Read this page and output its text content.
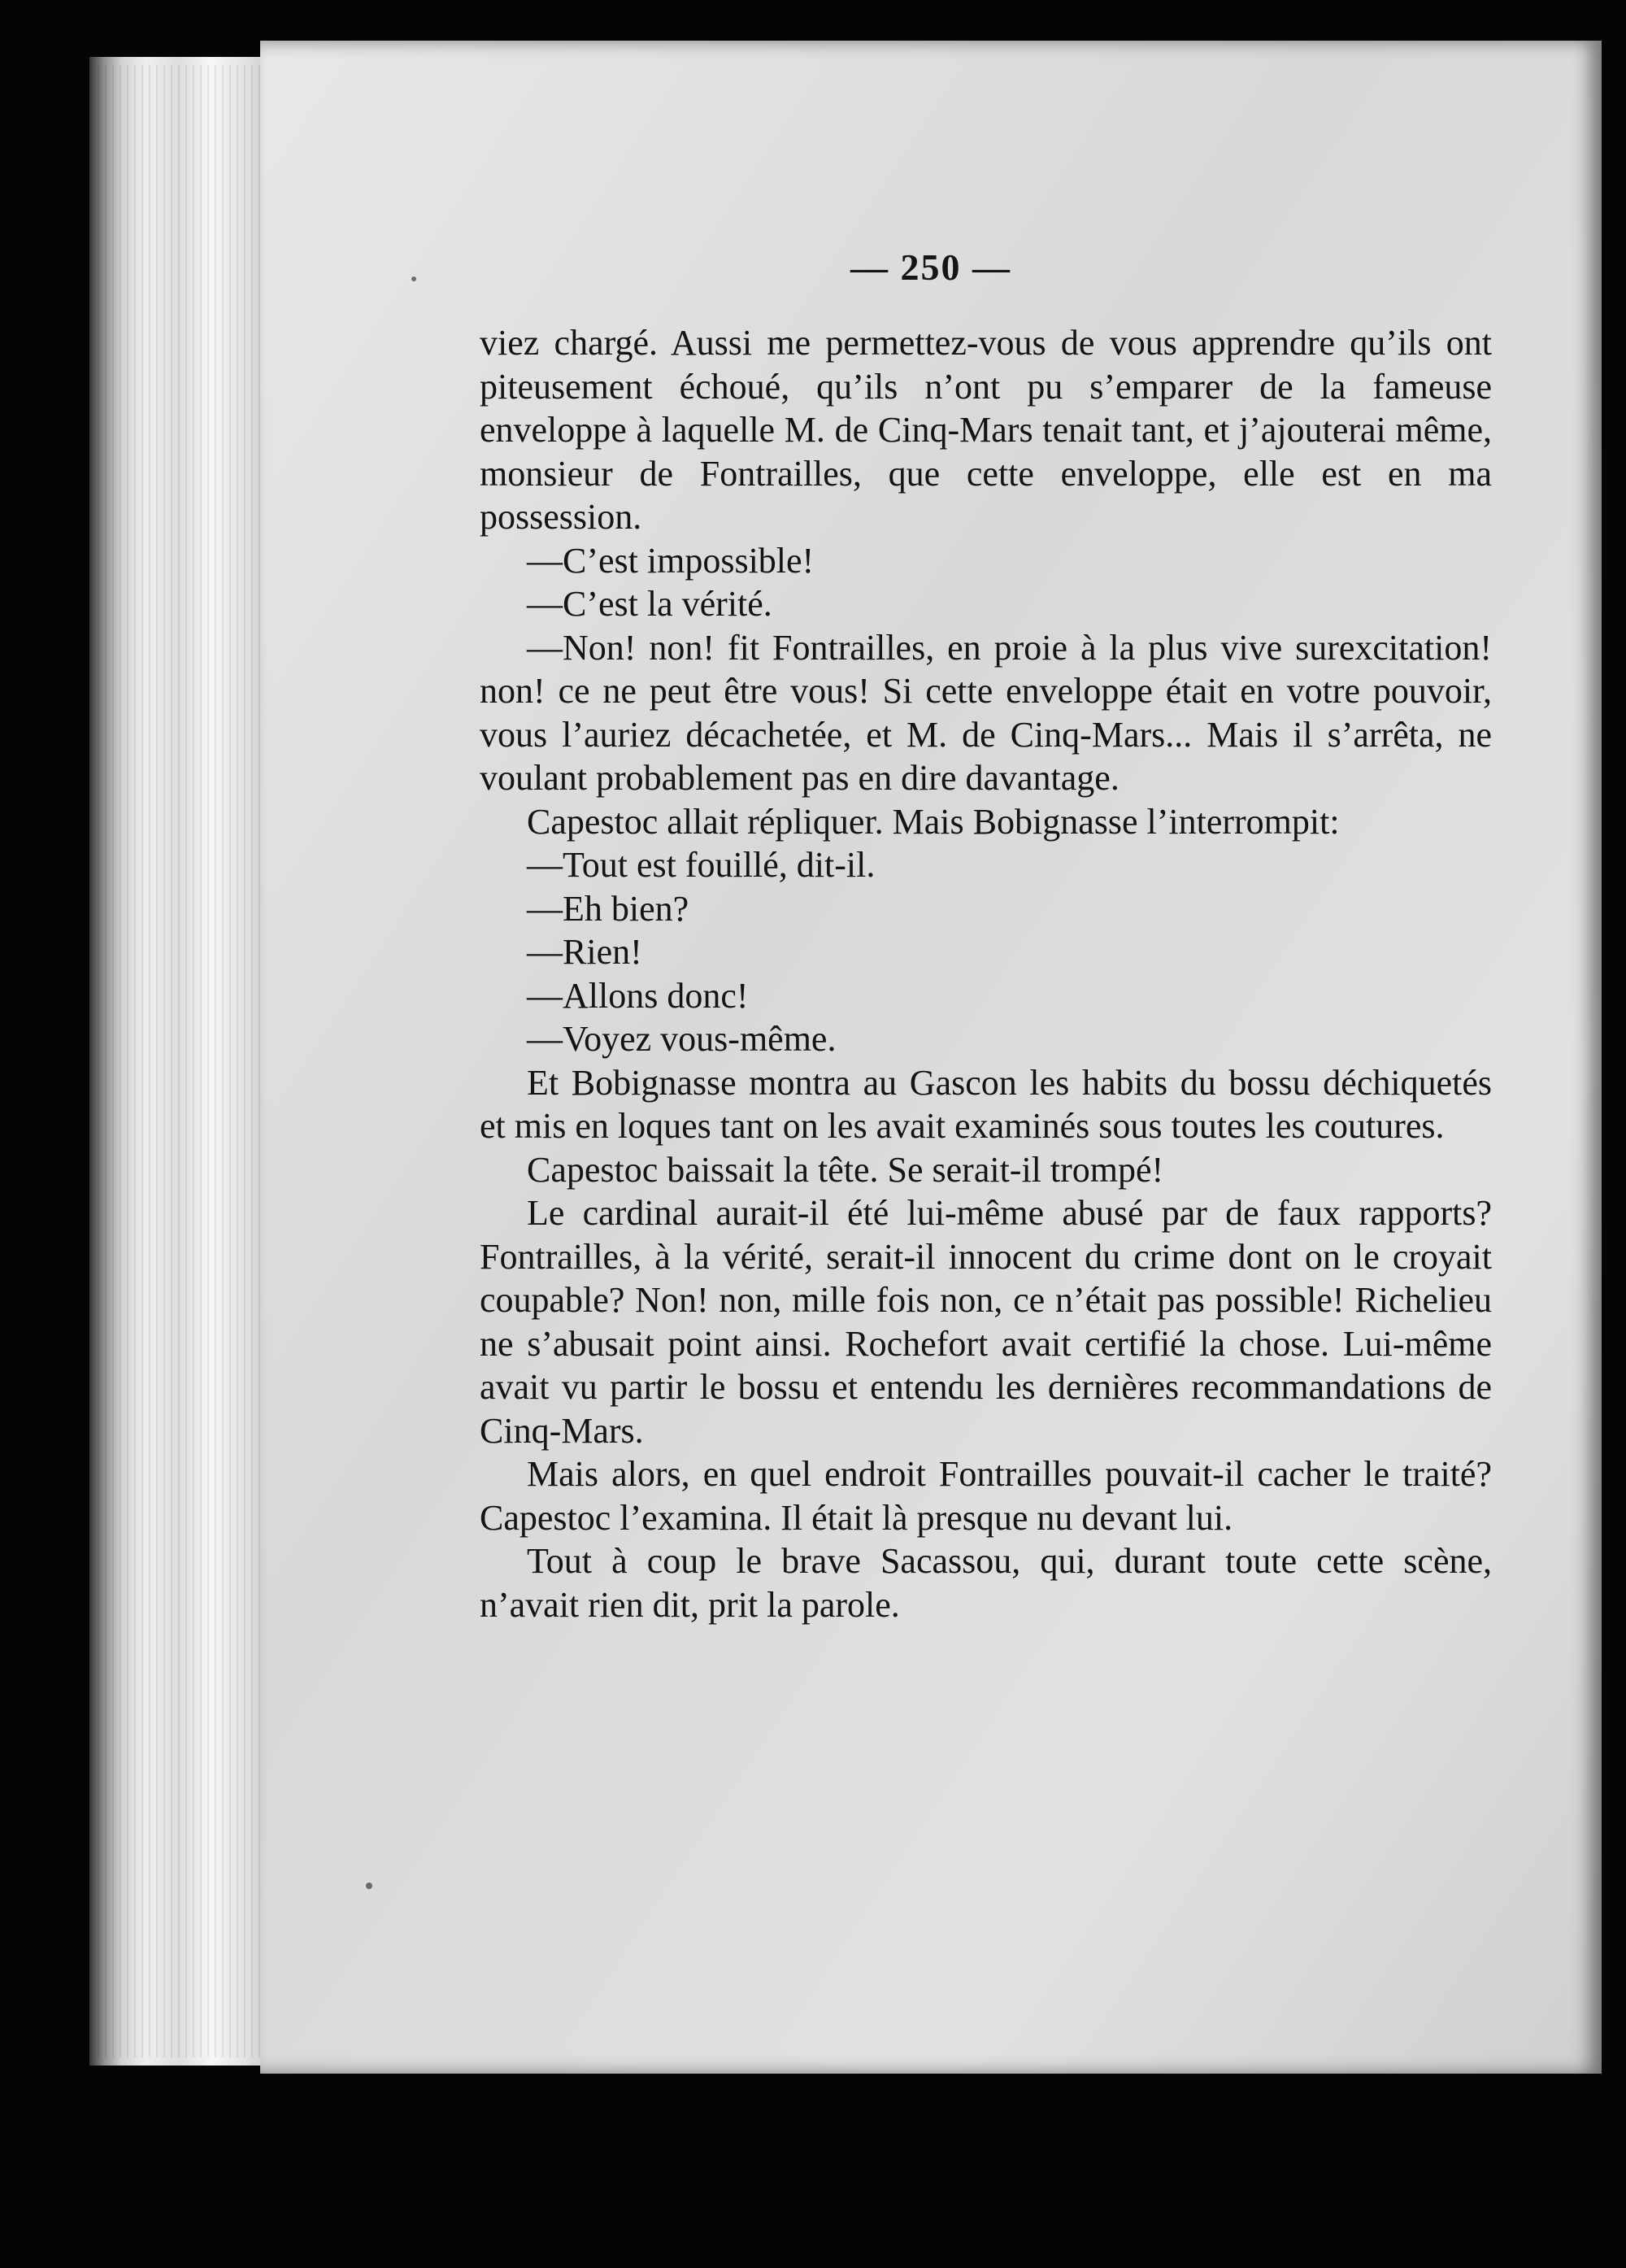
— 250 —

viez chargé. Aussi me permettez-vous de vous apprendre qu’ils ont piteusement échoué, qu’ils n’ont pu s’emparer de la fameuse enveloppe à laquelle M. de Cinq-Mars tenait tant, et j’ajouterai même, monsieur de Fontrailles, que cette enveloppe, elle est en ma possession.

—C’est impossible!

—C’est la vérité.

—Non! non! fit Fontrailles, en proie à la plus vive surexcitation! non! ce ne peut être vous! Si cette enveloppe était en votre pouvoir, vous l’auriez décachetée, et M. de Cinq-Mars... Mais il s’arrêta, ne voulant probablement pas en dire davantage.

Capestoc allait répliquer. Mais Bobignasse l’interrompit:

—Tout est fouillé, dit-il.

—Eh bien?

—Rien!

—Allons donc!

—Voyez vous-même.

Et Bobignasse montra au Gascon les habits du bossu déchiquetés et mis en loques tant on les avait examinés sous toutes les coutures.

Capestoc baissait la tête. Se serait-il trompé!

Le cardinal aurait-il été lui-même abusé par de faux rapports? Fontrailles, à la vérité, serait-il innocent du crime dont on le croyait coupable? Non! non, mille fois non, ce n’était pas possible! Richelieu ne s’abusait point ainsi. Rochefort avait certifié la chose. Lui-même avait vu partir le bossu et entendu les dernières recommandations de Cinq-Mars.

Mais alors, en quel endroit Fontrailles pouvait-il cacher le traité? Capestoc l’examina. Il était là presque nu devant lui.

Tout à coup le brave Sacassou, qui, durant toute cette scène, n’avait rien dit, prit la parole.
